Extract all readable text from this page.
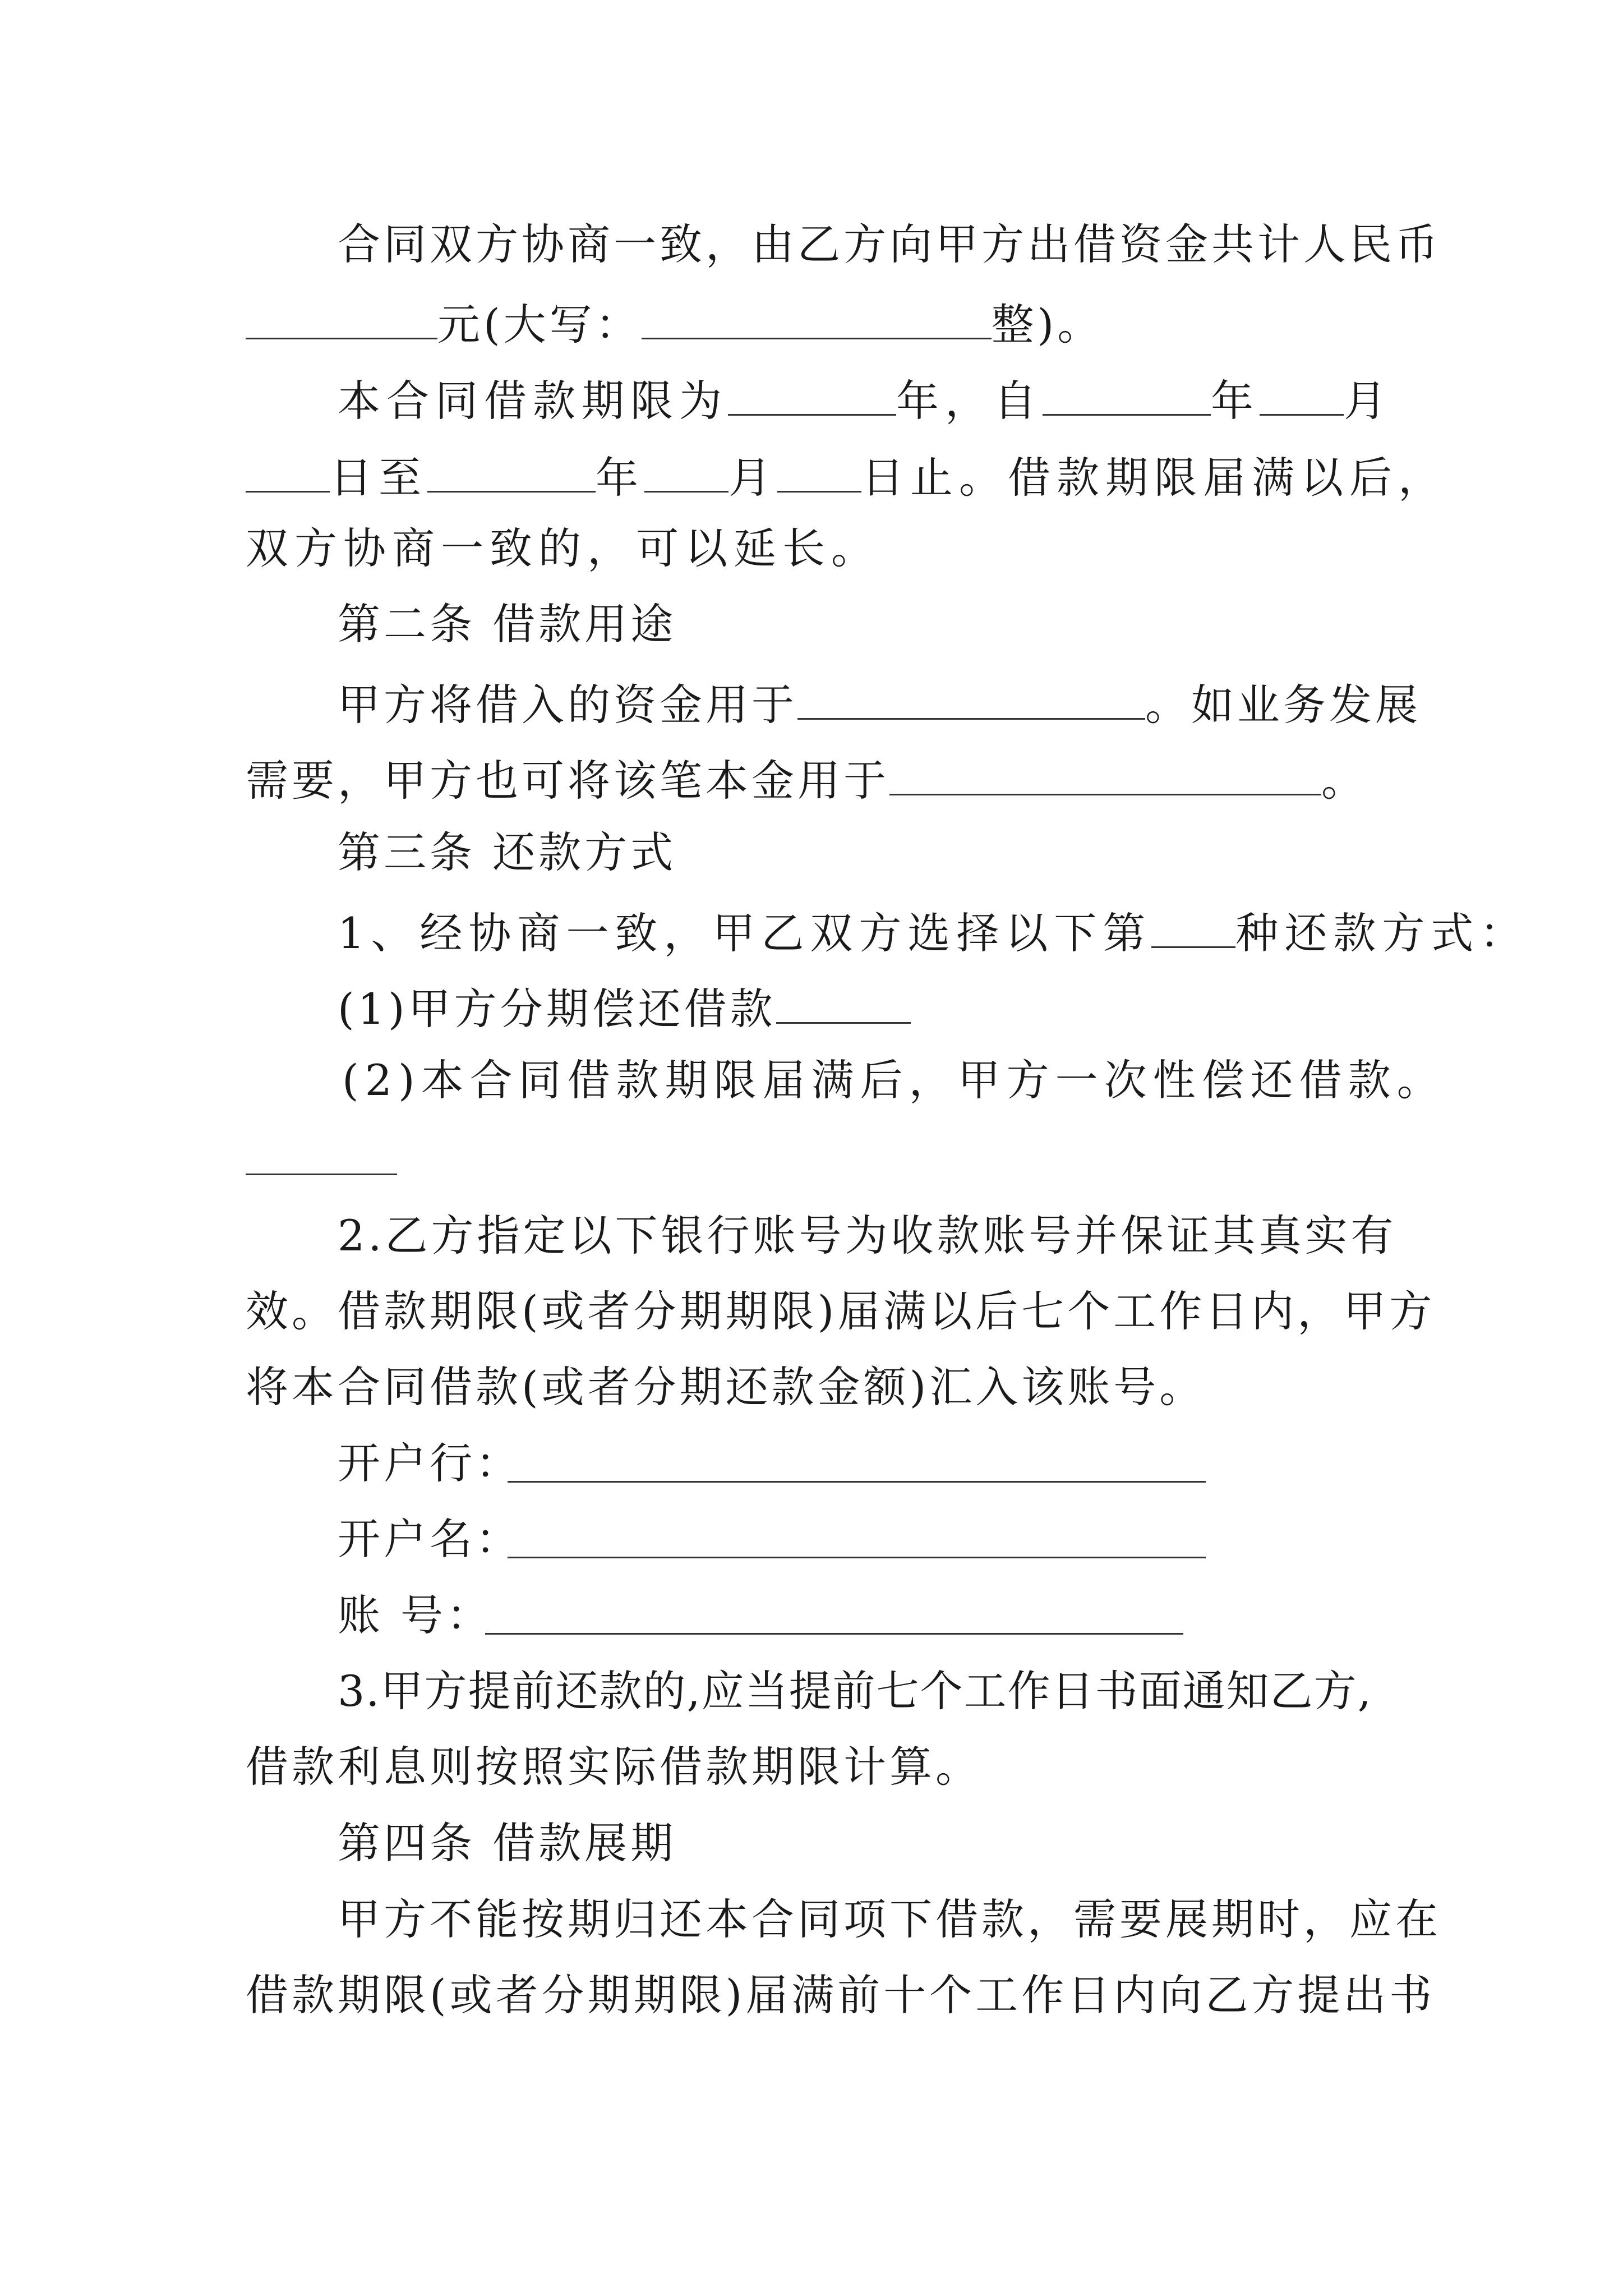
合同双方协商一致，由乙方向甲方出借资金共计人民币
元(大写：	整)。
本合同借款期限为	年，自	年 月
日至	年 月 日止。借款期限届满以后，
双方协商一致的，可以延长。
第二条 借款用途
甲方将借入的资金用于	。如业务发展
需要，甲方也可将该笔本金用于	。
第三条 还款方式
1、经协商一致，甲乙双方选择以下第 种还款方式：
(1)甲方分期偿还借款
(2)本合同借款期限届满后，甲方一次性偿还借款。
2.乙方指定以下银行账号为收款账号并保证其真实有
效。借款期限(或者分期期限)届满以后七个工作日内，甲方
将本合同借款(或者分期还款金额)汇入该账号。
开户行：
开户名：
账 号：
3.甲方提前还款的,应当提前七个工作日书面通知乙方,
借款利息则按照实际借款期限计算。
第四条 借款展期
甲方不能按期归还本合同项下借款，需要展期时，应在
借款期限(或者分期期限)届满前十个工作日内向乙方提出书
